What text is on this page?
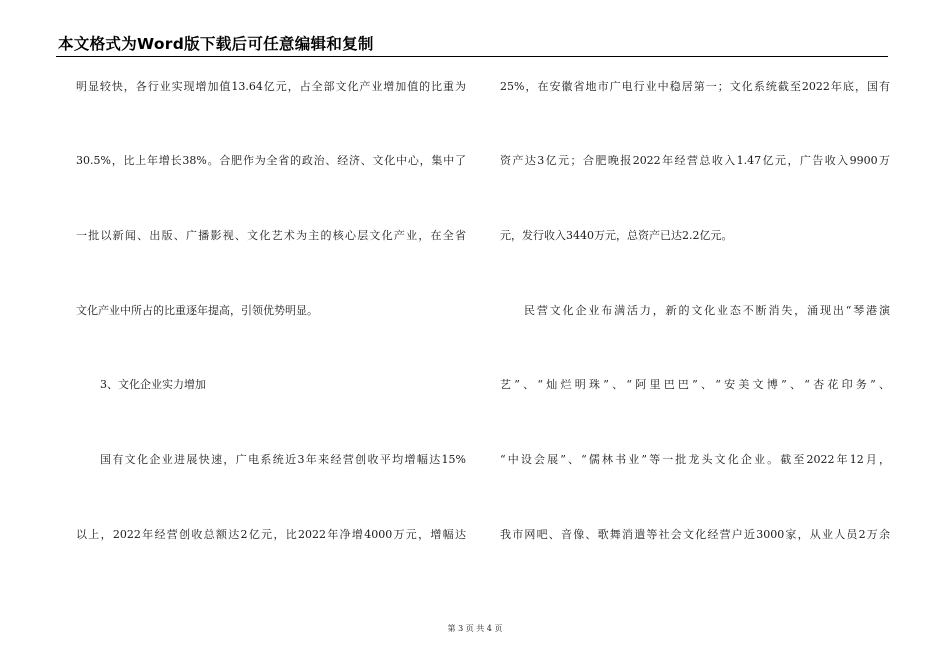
本文格式为Word版下载后可任意编辑和复制
明显较快，各行业实现增加值13.64亿元，占全部文化产业增加值的比重为
30.5%，比上年增长38%。合肥作为全省的政治、经济、文化中心，集中了
一批以新闻、出版、广播影视、文化艺术为主的核心层文化产业，在全省
文化产业中所占的比重逐年提高，引领优势明显。
3、文化企业实力增加
国有文化企业进展快速，广电系统近3年来经营创收平均增幅达15%
以上，2022年经营创收总额达2亿元，比2022年净增4000万元，增幅达
25%，在安徽省地市广电行业中稳居第一；文化系统截至2022年底，国有
资产达3亿元；合肥晚报2022年经营总收入1.47亿元，广告收入9900万
元，发行收入3440万元，总资产已达2.2亿元。
民营文化企业布满活力，新的文化业态不断消失，涌现出“琴港演
艺”、“灿烂明珠”、“阿里巴巴”、“安美文博”、“杏花印务”、
“中设会展”、“儒林书业”等一批龙头文化企业。截至2022年12月，
我市网吧、音像、歌舞消遣等社会文化经营户近3000家，从业人员2万余
第 3 页 共 4 页
